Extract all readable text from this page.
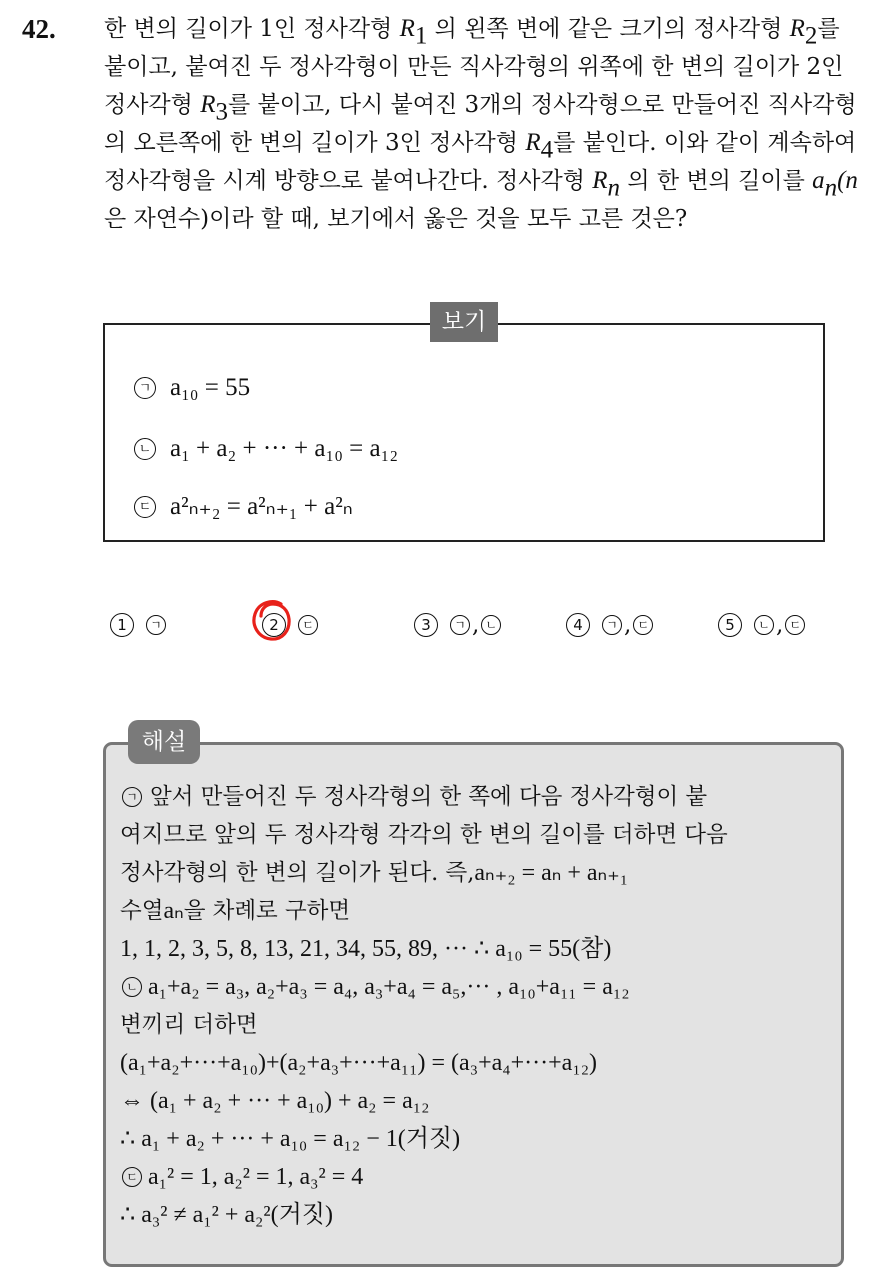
42. 한 변의 길이가 1인 정사각형 $R_1$ 의 왼쪽 변에 같은 크기의 정사각형 $R_2$를 붙이고, 붙여진 두 정사각형이 만든 직사각형의 위쪽에 한 변의 길이가 2인 정사각형 $R_3$를 붙이고, 다시 붙여진 3개의 정사각형으로 만들어진 직사각형의 오른쪽에 한 변의 길이가 3인 정사각형 $R_4$를 붙인다. 이와 같이 계속하여 정사각형을 시계 방향으로 붙여나간다. 정사각형 $R_n$ 의 한 변의 길이를 $a_n(n$은 자연수)이라 할 때, 보기에서 옳은 것을 모두 고른 것은?

보기
ㄱ a₁₀ = 55
ㄴ a₁ + a₂ + ··· + a₁₀ = a₁₂
ㄷ a²ₙ₊₂ = a²ₙ₊₁ + a²ₙ
1	ㄱ	2	ㄷ	3	ㄱ , ㄴ	4	ㄱ , ㄷ	5	ㄴ , ㄷ
해설
ㄱ 앞서 만들어진 두 정사각형의 한 쪽에 다음 정사각형이 붙
여지므로 앞의 두 정사각형 각각의 한 변의 길이를 더하면 다음
정사각형의 한 변의 길이가 된다. 즉, aₙ₊₂ = aₙ + aₙ₊₁
수열 aₙ 을 차례로 구하면
1, 1, 2, 3, 5, 8, 13, 21, 34, 55, 89, ··· ∴ a₁₀ = 55(참)
ㄴ a₁+a₂ = a₃, a₂+a₃ = a₄, a₃+a₄ = a₅,··· , a₁₀+a₁₁ = a₁₂
변끼리 더하면
(a₁+a₂+···+a₁₀)+(a₂+a₃+···+a₁₁) = (a₃+a₄+···+a₁₂)
⇔ (a₁ + a₂ + ··· + a₁₀) + a₂ = a₁₂
∴ a₁ + a₂ + ··· + a₁₀ = a₁₂ − 1(거짓)
ㄷ a₁² = 1, a₂² = 1, a₃² = 4
∴ a₃² ≠ a₁² + a₂²(거짓)
